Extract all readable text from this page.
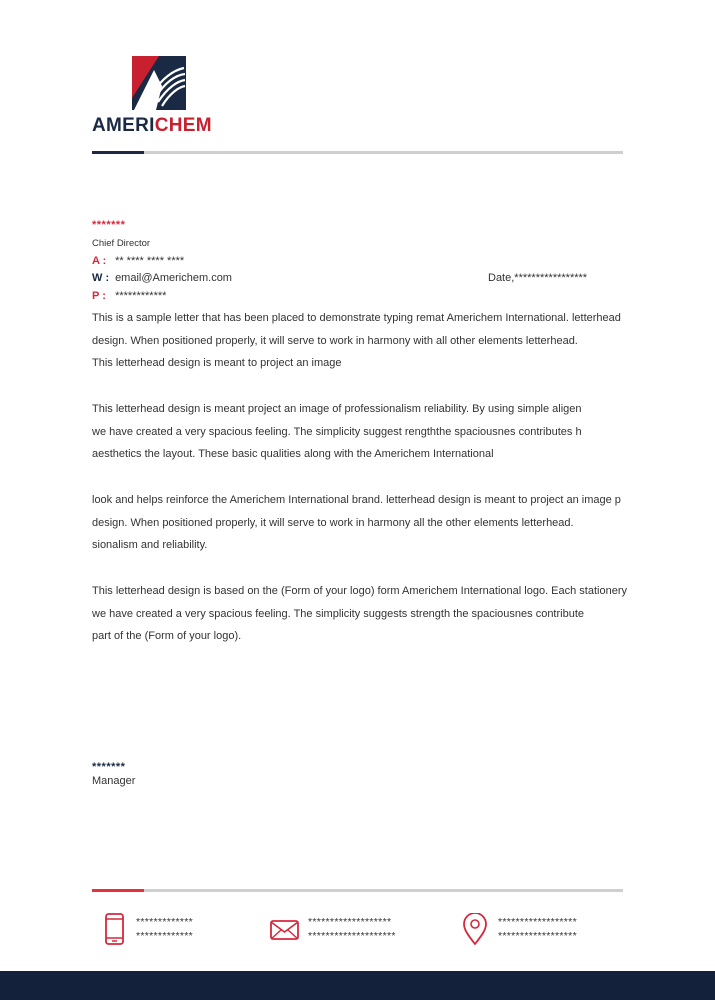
AMERICHEM
*******
Chief Director
A : ** **** **** ****
W : email@Americhem.com
P : ************
Date,*****************
This is a sample letter that has been placed to demonstrate typing remat Americhem International. letterhead
design. When positioned properly, it will serve to work in harmony with all other elements letterhead.
This letterhead design is meant to project an image
This letterhead design is meant project an image of professionalism reliability. By using simple aligen
we have created a very spacious feeling. The simplicity suggest rengththe spaciousnes contributes h
aesthetics the layout. These basic qualities along with the Americhem International
look and helps reinforce the Americhem International brand. letterhead design is meant to project an image p
design. When positioned properly, it will serve to work in harmony all the other elements letterhead.
sionalism and reliability.
This letterhead design is based on the (Form of your logo) form Americhem International logo. Each stationery
we have created a very spacious feeling. The simplicity suggests strength the spaciousnes contribute
part of the (Form of your logo).
*******
Manager
*************
*************
*******************
********************
******************
******************
